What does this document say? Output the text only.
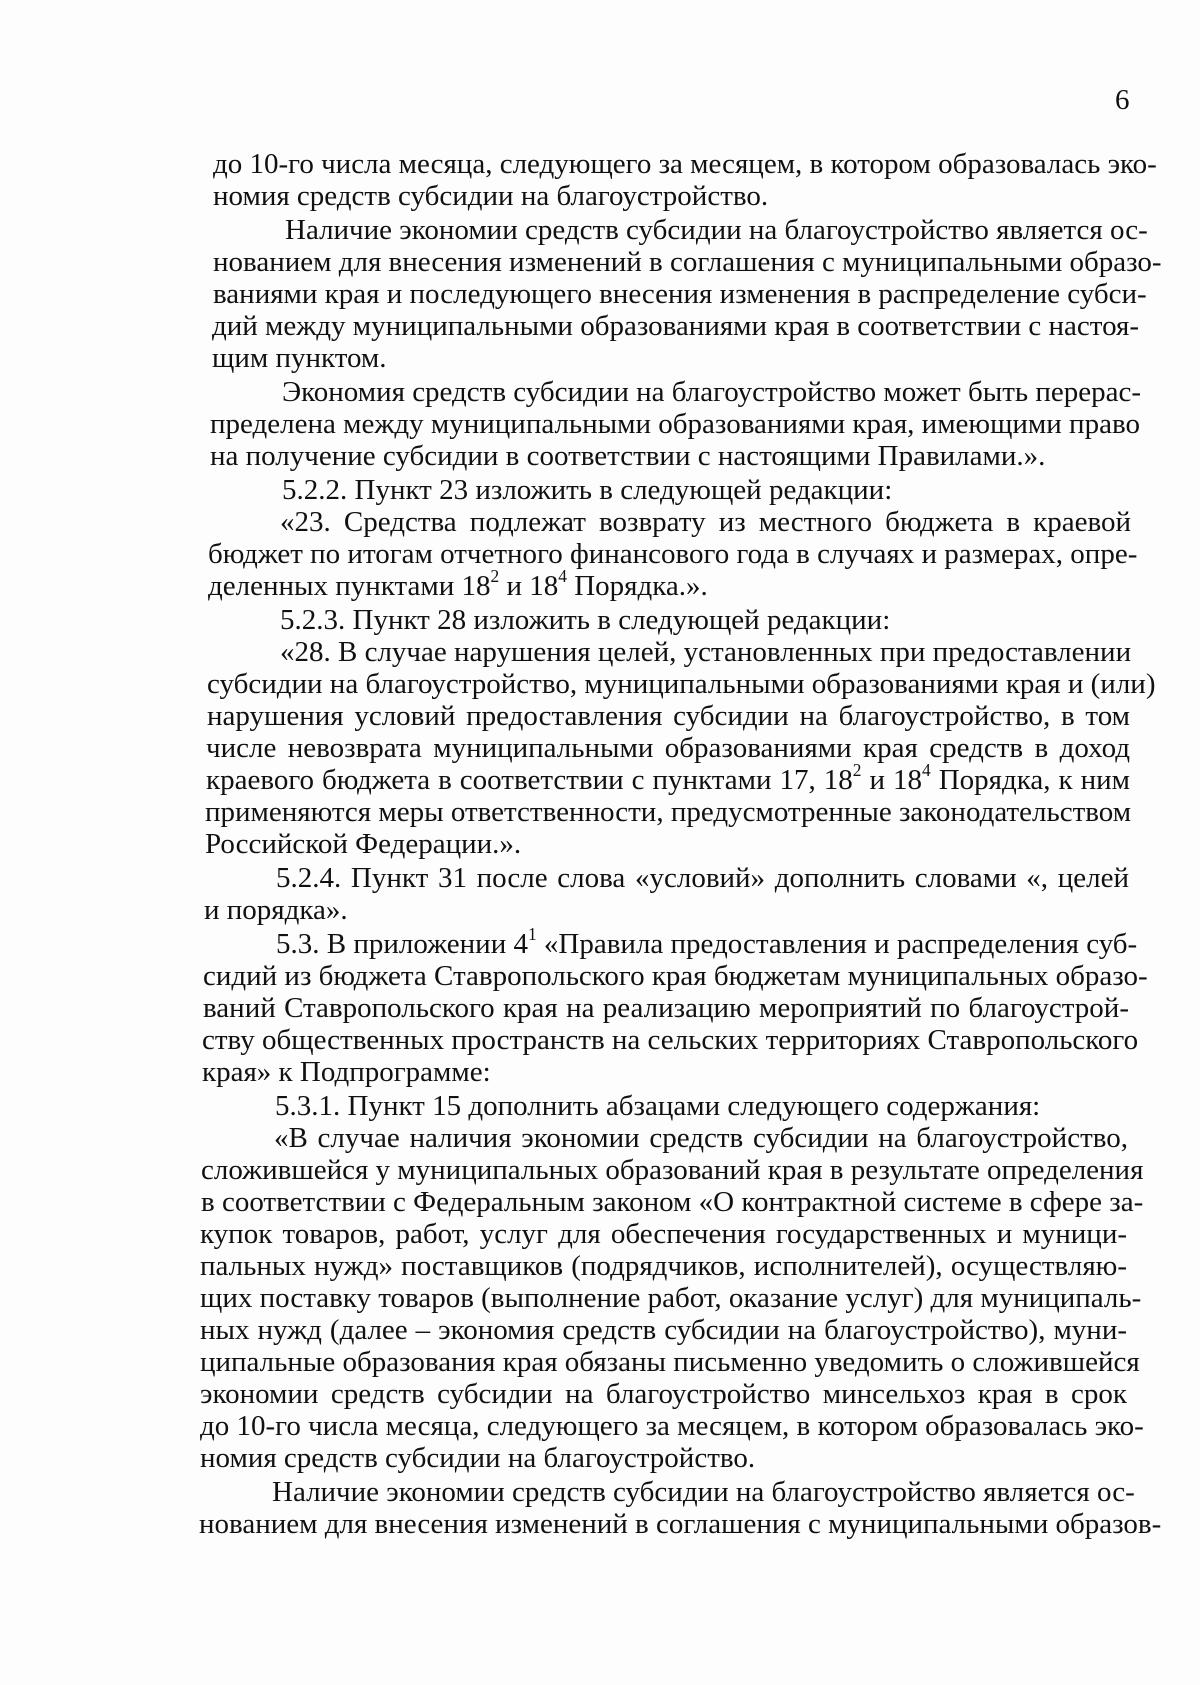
6
до 10-го числа месяца, следующего за месяцем, в котором образовалась эко-
номия средств субсидии на благоустройство.
Наличие экономии средств субсидии на благоустройство является ос-
нованием для внесения изменений в соглашения с муниципальными образо-
ваниями края и последующего внесения изменения в распределение субси-
дий между муниципальными образованиями края в соответствии с настоя-
щим пунктом.
Экономия средств субсидии на благоустройство может быть перерас-
пределена между муниципальными образованиями края, имеющими право
на получение субсидии в соответствии с настоящими Правилами.».
5.2.2. Пункт 23 изложить в следующей редакции:
«23. Средства подлежат возврату из местного бюджета в краевой
бюджет по итогам отчетного финансового года в случаях и размерах, опре-
деленных пунктами $18^2$ и $18^4$ Порядка.».
5.2.3. Пункт 28 изложить в следующей редакции:
«28. В случае нарушения целей, установленных при предоставлении
субсидии на благоустройство, муниципальными образованиями края и (или)
нарушения условий предоставления субсидии на благоустройство, в том
числе невозврата муниципальными образованиями края средств в доход
краевого бюджета в соответствии с пунктами 17, $18^2$ и $18^4$ Порядка, к ним
применяются меры ответственности, предусмотренные законодательством
Российской Федерации.».
5.2.4. Пункт 31 после слова «условий» дополнить словами «, целей
и порядка».
5.3. В приложении $4^1$ «Правила предоставления и распределения суб-
сидий из бюджета Ставропольского края бюджетам муниципальных образо-
ваний Ставропольского края на реализацию мероприятий по благоустрой-
ству общественных пространств на сельских территориях Ставропольского
края» к Подпрограмме:
5.3.1. Пункт 15 дополнить абзацами следующего содержания:
«В случае наличия экономии средств субсидии на благоустройство,
сложившейся у муниципальных образований края в результате определения
в соответствии с Федеральным законом «О контрактной системе в сфере за-
купок товаров, работ, услуг для обеспечения государственных и муници-
пальных нужд» поставщиков (подрядчиков, исполнителей), осуществляю-
щих поставку товаров (выполнение работ, оказание услуг) для муниципаль-
ных нужд (далее – экономия средств субсидии на благоустройство), муни-
ципальные образования края обязаны письменно уведомить о сложившейся
экономии средств субсидии на благоустройство минсельхоз края в срок
до 10-го числа месяца, следующего за месяцем, в котором образовалась эко-
номия средств субсидии на благоустройство.
Наличие экономии средств субсидии на благоустройство является ос-
нованием для внесения изменений в соглашения с муниципальными образов-
